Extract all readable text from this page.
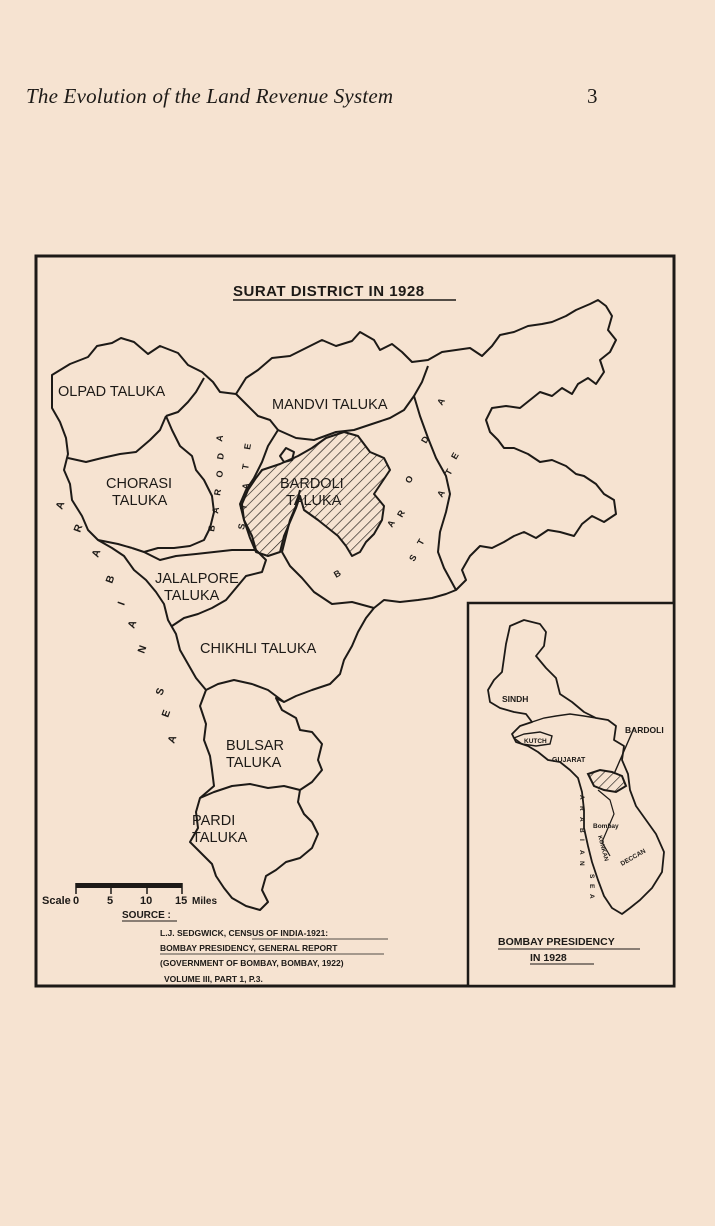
The Evolution of the Land Revenue System	3
SURAT DISTRICT IN 1928
OLPAD TALUKA
MANDVI TALUKA
CHORASI
TALUKA
BARDOLI
TALUKA
JALALPORE
TALUKA
CHIKHLI TALUKA
BULSAR
TALUKA
PARDI
TALUKA
A
R
A
B
I
A
N
S
E
A
B
A
R
O
D
A
S
T
A
T
E
B
A
R
O
D
A
S
T
A
T
E
Scale 0	5 10 15 Miles
SOURCE :
L.J. SEDGWICK, CENSUS OF INDIA-1921:
BOMBAY PRESIDENCY, GENERAL REPORT
(GOVERNMENT OF BOMBAY, BOMBAY, 1922)
VOLUME III, PART 1, P.3.
SINDH
KUTCH
GUJARAT
BARDOLI
Bombay
KONKAN DECCAN
A
R
A
B
I
A
N
S
E
A
BOMBAY PRESIDENCY
IN 1928
